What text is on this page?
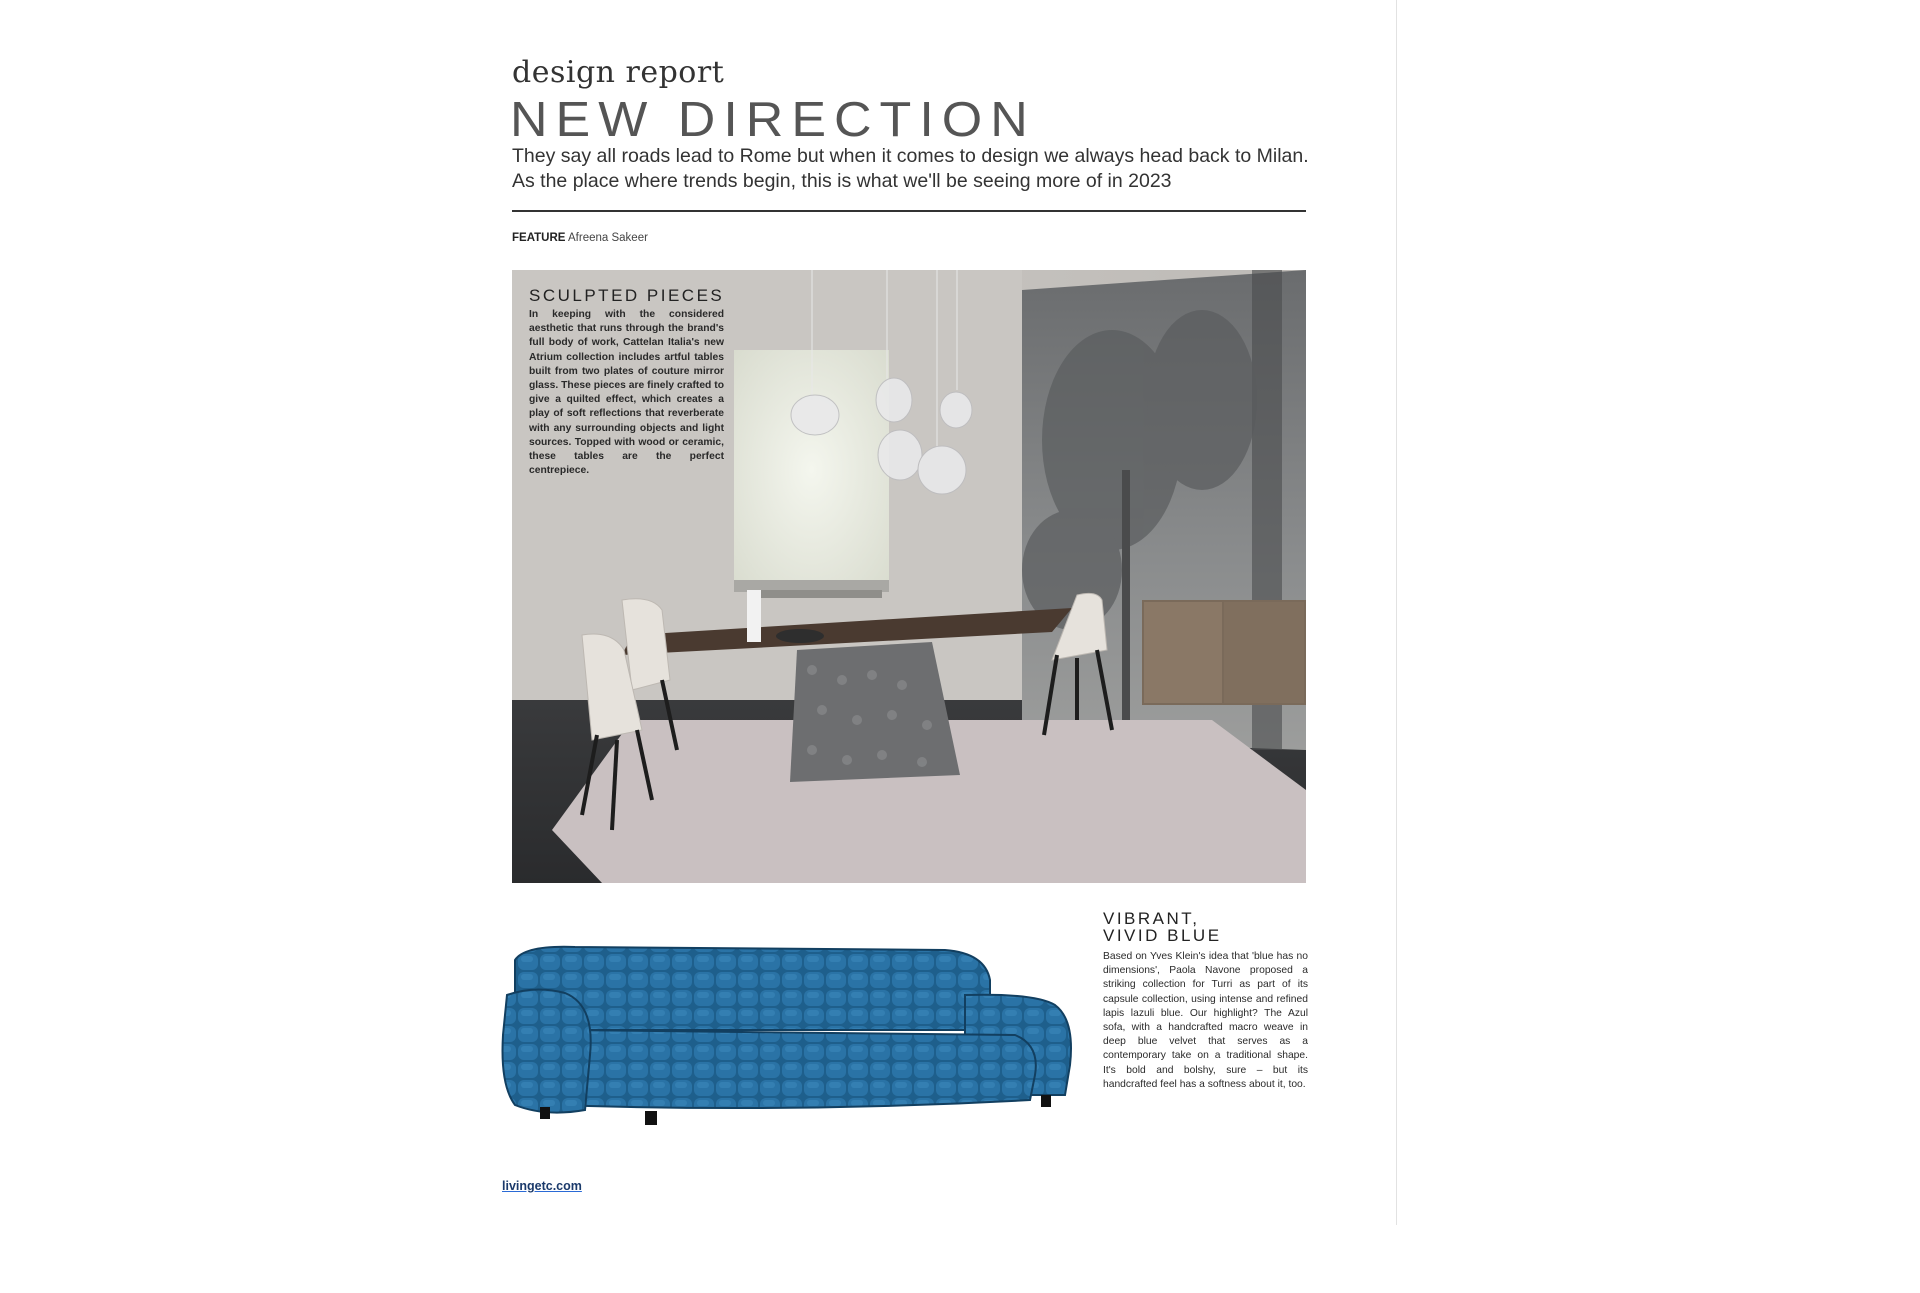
design report
NEW DIRECTION
They say all roads lead to Rome but when it comes to design we always head back to Milan. As the place where trends begin, this is what we'll be seeing more of in 2023
FEATURE Afreena Sakeer
SCULPTED PIECES
In keeping with the considered aesthetic that runs through the brand's full body of work, Cattelan Italia's new Atrium collection includes artful tables built from two plates of couture mirror glass. These pieces are finely crafted to give a quilted effect, which creates a play of soft reflections that reverberate with any surrounding objects and light sources. Topped with wood or ceramic, these tables are the perfect centrepiece.
VIBRANT,
VIVID BLUE
Based on Yves Klein's idea that 'blue has no dimensions', Paola Navone proposed a striking collection for Turri as part of its capsule collection, using intense and refined lapis lazuli blue. Our highlight? The Azul sofa, with a handcrafted macro weave in deep blue velvet that serves as a contemporary take on a traditional shape. It's bold and bolshy, sure – but its handcrafted feel has a softness about it, too.
livingetc.com
